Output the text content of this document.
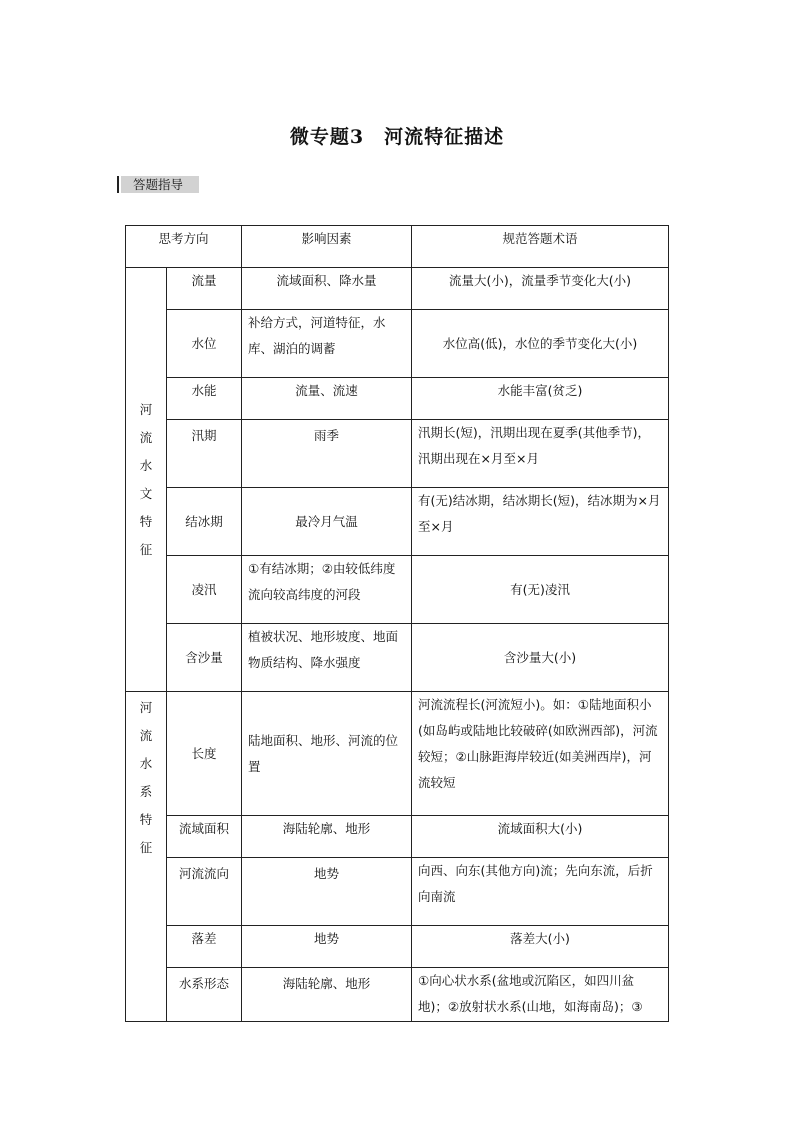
微专题3　河流特征描述
答题指导
思考方向		影响因素	规范答题术语

河流水文特征	流量	流域面积、降水量	流量大(小)，流量季节变化大(小)
	水位	补给方式，河道特征，水库、湖泊的调蓄	水位高(低)，水位的季节变化大(小)
	水能	流量、流速	水能丰富(贫乏)
	汛期	雨季	汛期长(短)，汛期出现在夏季(其他季节)，汛期出现在×月至×月
	结冰期	最冷月气温	有(无)结冰期，结冰期长(短)，结冰期为×月至×月
	凌汛	①有结冰期；②由较低纬度流向较高纬度的河段	有(无)凌汛
	含沙量	植被状况、地形坡度、地面物质结构、降水强度	含沙量大(小)

河流水系特征	长度	陆地面积、地形、河流的位置	河流流程长(河流短小)。如：①陆地面积小(如岛屿或陆地比较破碎(如欧洲西部)，河流较短；②山脉距海岸较近(如美洲西岸)，河流较短
	流域面积	海陆轮廓、地形	流域面积大(小)
	河流流向	地势	向西、向东(其他方向)流；先向东流，后折向南流
	落差	地势	落差大(小)
	水系形态	海陆轮廓、地形	①向心状水系(盆地或沉陷区，如四川盆地)；②放射状水系(山地，如海南岛)；③
